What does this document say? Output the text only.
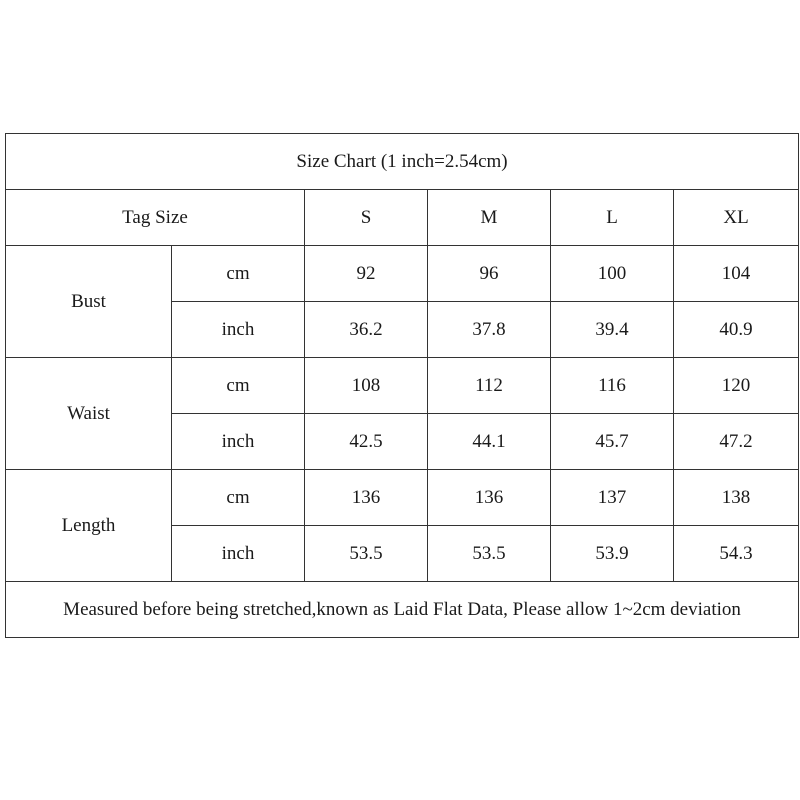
Size Chart (1 inch=2.54cm)					
Tag Size		S	M	L	XL
Bust	cm	92	96	100	104
	inch	36.2	37.8	39.4	40.9
Waist	cm	108	112	116	120
	inch	42.5	44.1	45.7	47.2
Length	cm	136	136	137	138
	inch	53.5	53.5	53.9	54.3
Measured before being stretched,known as Laid Flat Data, Please allow 1~2cm deviation					
